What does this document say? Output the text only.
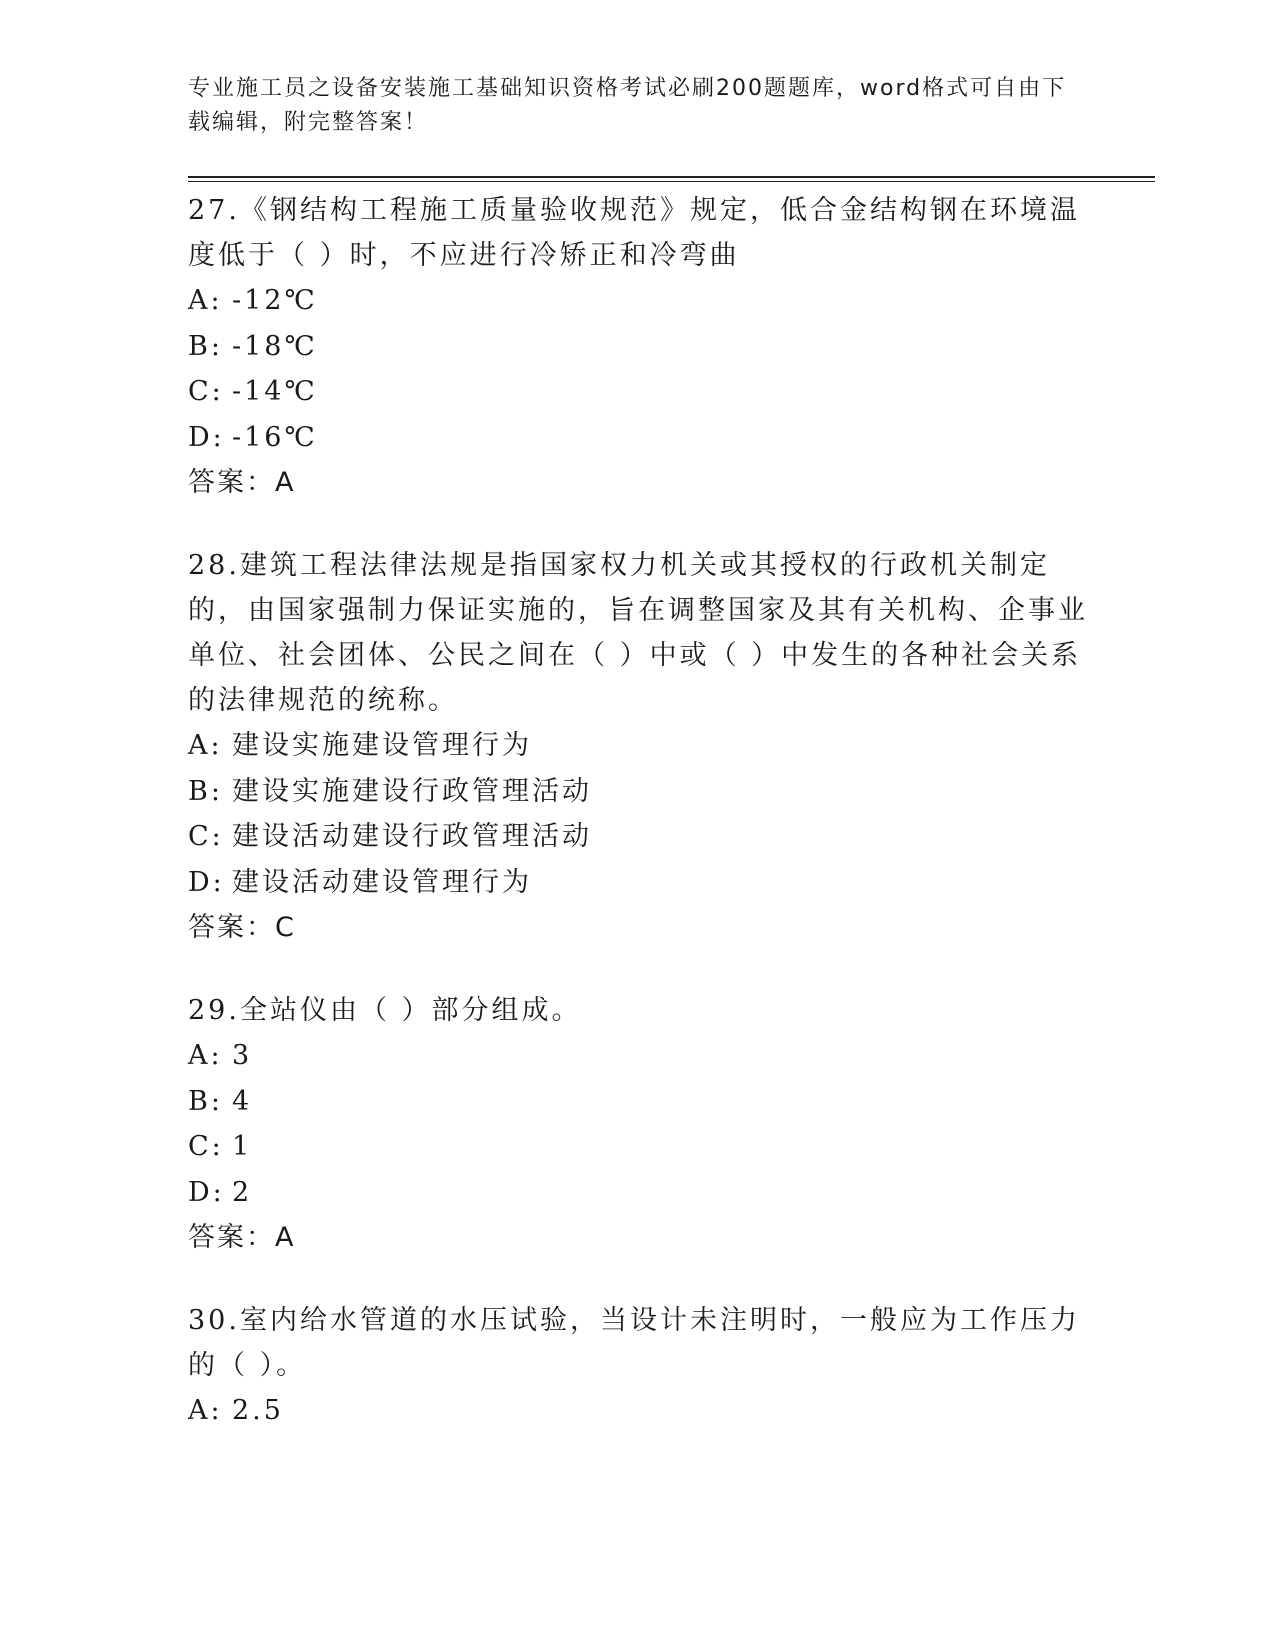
专业施工员之设备安装施工基础知识资格考试必刷200题题库，word格式可自由下载编辑，附完整答案！

27.《钢结构工程施工质量验收规范》规定，低合金结构钢在环境温度低于（ ）时，不应进行冷矫正和冷弯曲

A: -12℃
B: -18℃
C: -14℃
D: -16℃

答案：A

28.建筑工程法律法规是指国家权力机关或其授权的行政机关制定的，由国家强制力保证实施的，旨在调整国家及其有关机构、企事业单位、社会团体、公民之间在（ ）中或（ ）中发生的各种社会关系的法律规范的统称。

A: 建设实施建设管理行为
B: 建设实施建设行政管理活动
C: 建设活动建设行政管理活动
D: 建设活动建设管理行为

答案：C

29.全站仪由（ ）部分组成。

A: 3
B: 4
C: 1
D: 2

答案：A

30.室内给水管道的水压试验，当设计未注明时，一般应为工作压力的（ ）。

A: 2.5
